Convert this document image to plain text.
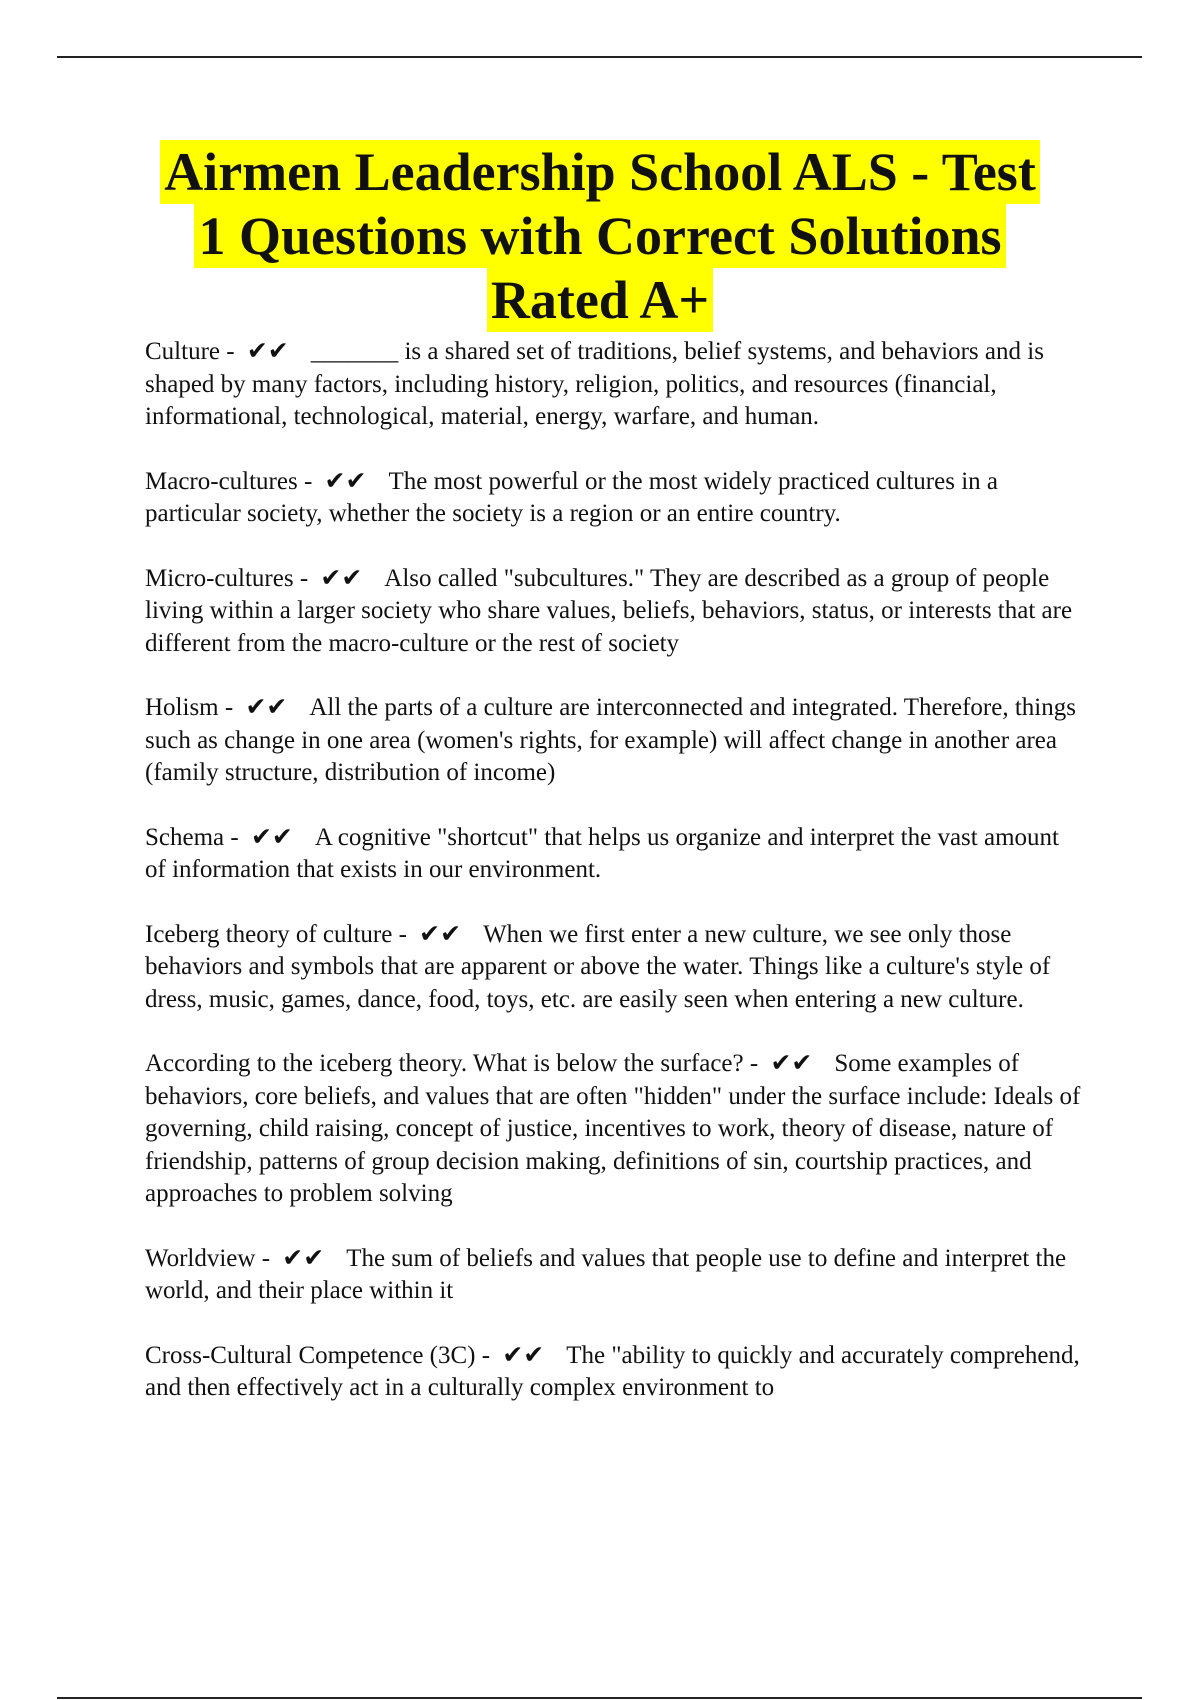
Airmen Leadership School ALS - Test
1 Questions with Correct Solutions
Rated A+

Culture - ✔✔ _______ is a shared set of traditions, belief systems, and behaviors and is shaped by many factors, including history, religion, politics, and resources (financial, informational, technological, material, energy, warfare, and human.

Macro-cultures - ✔✔ The most powerful or the most widely practiced cultures in a particular society, whether the society is a region or an entire country.

Micro-cultures - ✔✔ Also called "subcultures." They are described as a group of people living within a larger society who share values, beliefs, behaviors, status, or interests that are different from the macro-culture or the rest of society

Holism - ✔✔ All the parts of a culture are interconnected and integrated. Therefore, things such as change in one area (women's rights, for example) will affect change in another area (family structure, distribution of income)

Schema - ✔✔ A cognitive "shortcut" that helps us organize and interpret the vast amount of information that exists in our environment.

Iceberg theory of culture - ✔✔ When we first enter a new culture, we see only those behaviors and symbols that are apparent or above the water. Things like a culture's style of dress, music, games, dance, food, toys, etc. are easily seen when entering a new culture.

According to the iceberg theory. What is below the surface? - ✔✔ Some examples of behaviors, core beliefs, and values that are often "hidden" under the surface include: Ideals of governing, child raising, concept of justice, incentives to work, theory of disease, nature of friendship, patterns of group decision making, definitions of sin, courtship practices, and approaches to problem solving

Worldview - ✔✔ The sum of beliefs and values that people use to define and interpret the world, and their place within it

Cross-Cultural Competence (3C) - ✔✔ The "ability to quickly and accurately comprehend, and then effectively act in a culturally complex environment to
